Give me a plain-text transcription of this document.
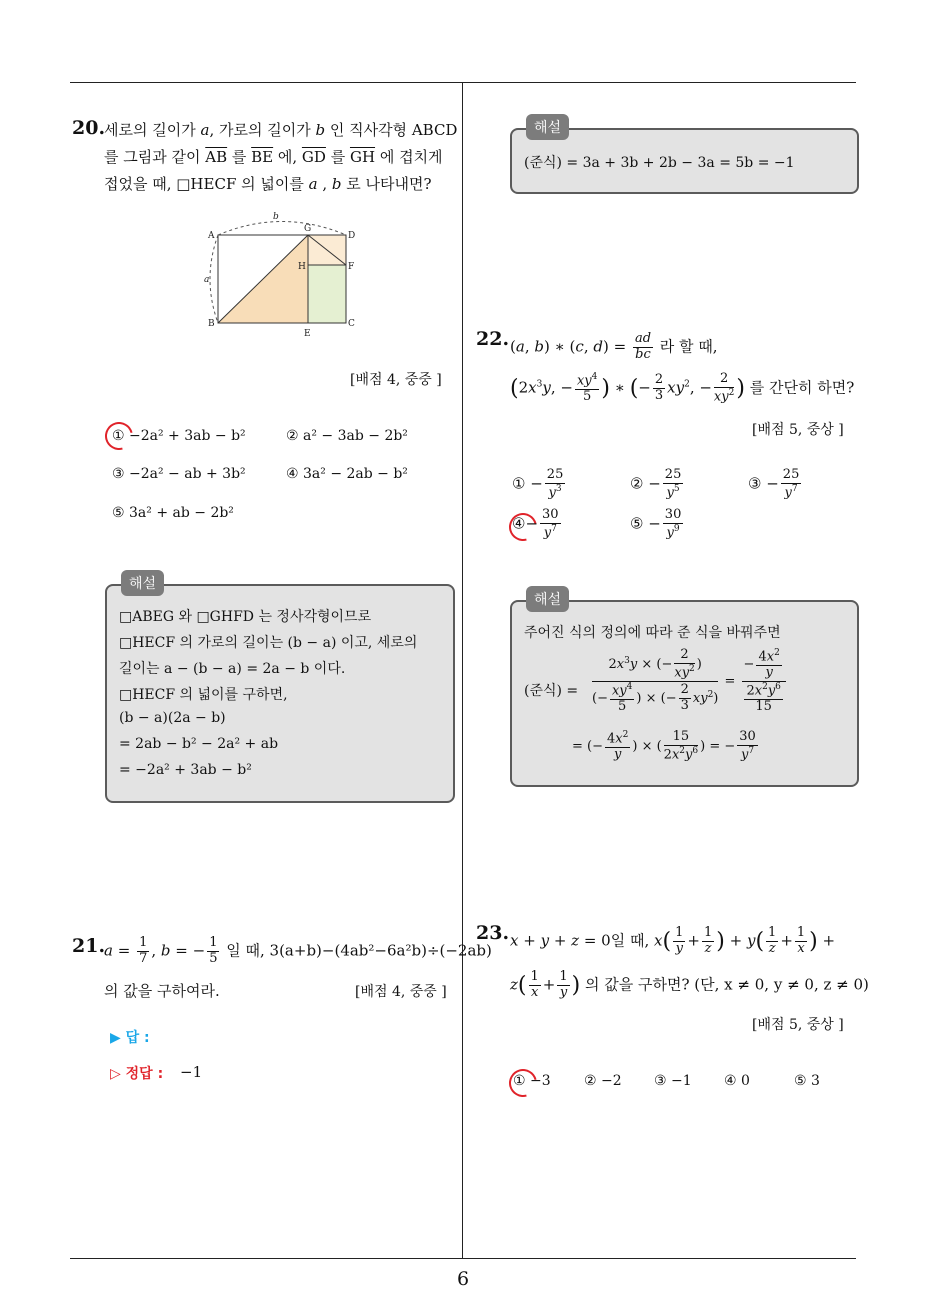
20.
세로의 길이가 a, 가로의 길이가 b 인 직사각형 ABCD
를 그림과 같이 $\overline{AB}$ 를 $\overline{BE}$ 에, $\overline{GD}$ 를 $\overline{GH}$ 에 겹치게
접었을 때, □HECF 의 넓이를 a , b 로 나타내면?
A
B	C
D
E
F
G
H
a
b
[배점 4, 중중 ]
① −2a² + 3ab − b²	② a² − 3ab − 2b²
③ −2a² − ab + 3b²	④ 3a² − 2ab − b²
⑤ 3a² + ab − 2b²
해설
□ABEG 와 □GHFD 는 정사각형이므로
□HECF 의 가로의 길이는 (b − a) 이고, 세로의
길이는 a − (b − a) = 2a − b 이다.
□HECF 의 넓이를 구하면,
(b − a)(2a − b)
= 2ab − b² − 2a² + ab
= −2a² + 3ab − b²
21.
$a = \frac{1}{7}$ , b = − $\frac{1}{5}$ 일 때, 3(a+b)−(4ab²−6a²b)÷(−2ab)
의 값을 구하여라.	[배점 4, 중중 ]
▶ 답 :
▷ 정답 : −1
해설
(준식) = 3a + 3b + 2b − 3a = 5b = −1
22. (a, b) ∗ (c, $d) = \frac{ad}{bc}$ 라 할 때,
($2x^3y$, − $\frac{xy^4}{5}$ ) ∗ (− $\frac{2}{3} xy^2$, − $\frac{2}{xy^2}$ ) 를 간단히 하면?
[배점 5, 중상 ]
① − $\frac{25}{y^3}$	② − $\frac{25}{y^5}$	③ − $\frac{25}{y^7}$
④− $\frac{30}{y^7}$	⑤ − $\frac{30}{y^9}$
해설
주어진 식의 정의에 따라 준 식을 바꿔주면
(준식) = $\frac{2x^3y \times (- \frac{2}{xy^2} )}{(- \frac{xy^4}{5} ) \times (- \frac{2}{3} xy^2)} = \frac{- \frac{4x^2}{y}}{\frac{2x^2y^6}{15}}$
= (− $\frac{4x^2}{y}$ ) × ( $\frac{15}{2x^2y^6}$ ) = − $\frac{30}{y^7}$
23. x + y + z = 0일 때, $x( \frac{1}{y} + \frac{1}{z}$ ) + $y( \frac{1}{z} + \frac{1}{x}$ ) +
$z( \frac{1}{x} + \frac{1}{y}$ ) 의 값을 구하면? (단, x ≠ 0, y ≠ 0, z ≠ 0)
[배점 5, 중상 ]
① −3 ② −2 ③ −1 ④ 0	⑤ 3
6
